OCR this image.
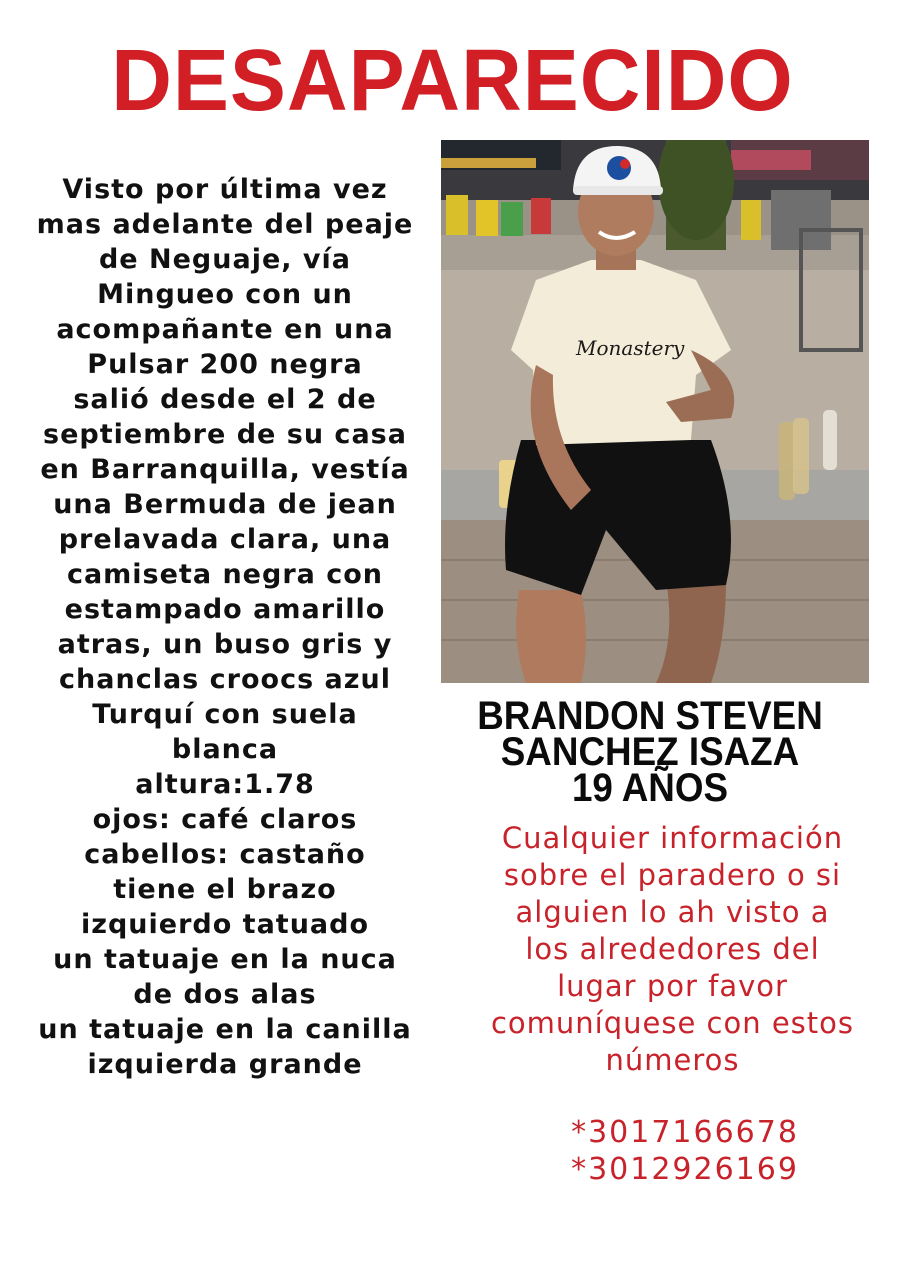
DESAPARECIDO
Visto por última vez
mas adelante del peaje
de Neguaje, vía
Mingueo con un
acompañante en una
Pulsar 200 negra
salió desde el 2 de
septiembre de su casa
en Barranquilla, vestía
una Bermuda de jean
prelavada clara, una
camiseta negra con
estampado amarillo
atras, un buso gris y
chanclas croocs azul
Turquí con suela
blanca
altura:1.78
ojos: café claros
cabellos: castaño
tiene el brazo
izquierdo tatuado
un tatuaje en la nuca
de dos alas
un tatuaje en la canilla
izquierda grande
Monastery
BRANDON STEVEN
SANCHEZ ISAZA
19 AÑOS
Cualquier información
sobre el paradero o si
alguien lo ah visto a
los alrededores del
lugar por favor
comuníquese con estos
números
*3017166678
*3012926169
